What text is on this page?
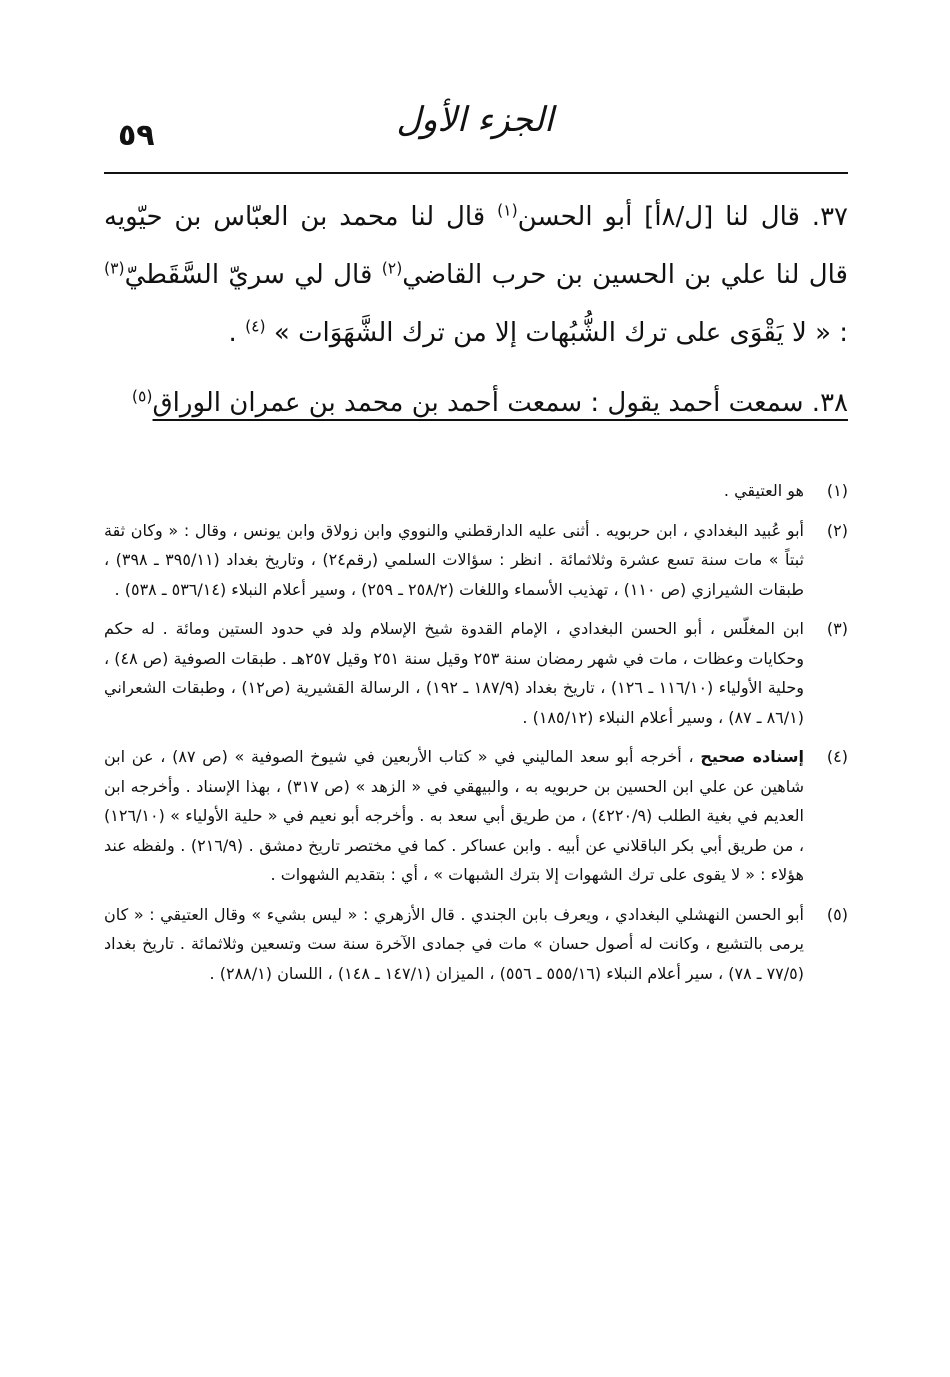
الجزء الأول
٥٩

٣٧. قال لنا [ل/٨أ] أبو الحسن$^{(١)}$ قال لنا محمد بن العبّاس بن حيّويه قال لنا علي بن الحسين بن حرب القاضي$^{(٢)}$ قال لي سريّ السَّقَطيّ$^{(٣)}$ : « لا يَقْوَى على ترك الشُّبُهات إلا من ترك الشَّهَوَات » $^{(٤)}$ .

٣٨. سمعت أحمد يقول : سمعت أحمد بن محمد بن عمران الوراق$^{(٥)}$

(١)
هو العتيقي .
(٢)
أبو عُبيد البغدادي ، ابن حربويه . أثنى عليه الدارقطني والنووي وابن زولاق وابن يونس ، وقال : « وكان ثقة ثبتاً » مات سنة تسع عشرة وثلاثمائة . انظر : سؤالات السلمي (رقم٢٤) ، وتاريخ بغداد (٣٩٥/١١ ـ ٣٩٨) ، طبقات الشيرازي (ص ١١٠) ، تهذيب الأسماء واللغات (٢٥٨/٢ ـ ٢٥٩) ، وسير أعلام النبلاء (٥٣٦/١٤ ـ ٥٣٨) .
(٣)
ابن المغلّس ، أبو الحسن البغدادي ، الإمام القدوة شيخ الإسلام ولد في حدود الستين ومائة . له حكم وحكايات وعظات ، مات في شهر رمضان سنة ٢٥٣ وقيل سنة ٢٥١ وقيل ٢٥٧هـ . طبقات الصوفية (ص ٤٨) ، وحلية الأولياء (١١٦/١٠ ـ ١٢٦) ، تاريخ بغداد (١٨٧/٩ ـ ١٩٢) ، الرسالة القشيرية (ص١٢) ، وطبقات الشعراني (٨٦/١ ـ ٨٧) ، وسير أعلام النبلاء (١٨٥/١٢) .
(٤)
إسناده صحيح ، أخرجه أبو سعد الماليني في « كتاب الأربعين في شيوخ الصوفية » (ص ٨٧) ، عن ابن شاهين عن علي ابن الحسين بن حربويه به ، والبيهقي في « الزهد » (ص ٣١٧) ، بهذا الإسناد . وأخرجه ابن العديم في بغية الطلب (٤٢٢٠/٩) ، من طريق أبي سعد به . وأخرجه أبو نعيم في « حلية الأولياء » (١٢٦/١٠) ، من طريق أبي بكر الباقلاني عن أبيه . وابن عساكر . كما في مختصر تاريخ دمشق . (٢١٦/٩) . ولفظه عند هؤلاء : « لا يقوى على ترك الشهوات إلا بترك الشبهات » ، أي : بتقديم الشهوات .
(٥)
أبو الحسن النهشلي البغدادي ، ويعرف بابن الجندي . قال الأزهري : « ليس بشيء » وقال العتيقي : « كان يرمى بالتشيع ، وكانت له أصول حسان » مات في جمادى الآخرة سنة ست وتسعين وثلاثمائة . تاريخ بغداد (٧٧/٥ ـ ٧٨) ، سير أعلام النبلاء (٥٥٥/١٦ ـ ٥٥٦) ، الميزان (١٤٧/١ ـ ١٤٨) ، اللسان (٢٨٨/١) .
